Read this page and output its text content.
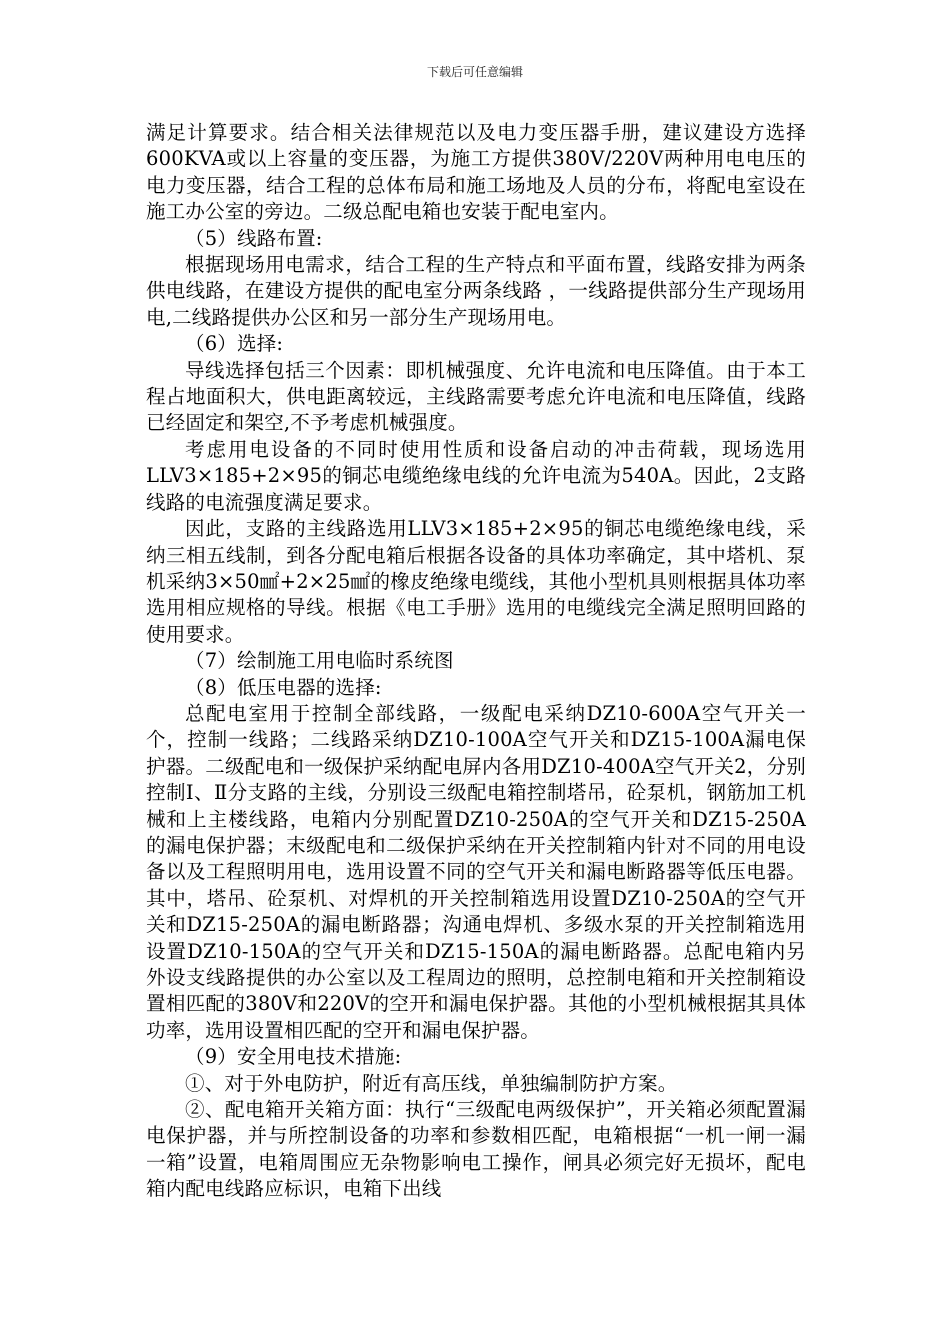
下载后可任意编辑

满足计算要求。结合相关法律规范以及电力变压器手册，建议建设方选择600KVA或以上容量的变压器，为施工方提供380V/220V两种用电电压的电力变压器，结合工程的总体布局和施工场地及人员的分布，将配电室设在施工办公室的旁边。二级总配电箱也安装于配电室内。

（5）线路布置:

根据现场用电需求，结合工程的生产特点和平面布置，线路安排为两条供电线路，在建设方提供的配电室分两条线路 ，一线路提供部分生产现场用电,二线路提供办公区和另一部分生产现场用电。

（6）选择:

导线选择包括三个因素：即机械强度、允许电流和电压降值。由于本工程占地面积大，供电距离较远，主线路需要考虑允许电流和电压降值，线路已经固定和架空,不予考虑机械强度。

考虑用电设备的不同时使用性质和设备启动的冲击荷载，现场选用LLV3×185+2×95的铜芯电缆绝缘电线的允许电流为540A。因此，2支路线路的电流强度满足要求。

因此，支路的主线路选用LLV3×185+2×95的铜芯电缆绝缘电线，采纳三相五线制，到各分配电箱后根据各设备的具体功率确定，其中塔机、泵机采纳3×50㎟+2×25㎟的橡皮绝缘电缆线，其他小型机具则根据具体功率选用相应规格的导线。根据《电工手册》选用的电缆线完全满足照明回路的使用要求。

（7）绘制施工用电临时系统图

（8）低压电器的选择:

总配电室用于控制全部线路，一级配电采纳DZ10-600A空气开关一个，控制一线路；二线路采纳DZ10-100A空气开关和DZ15-100A漏电保护器。二级配电和一级保护采纳配电屏内各用DZ10-400A空气开关2，分别控制Ⅰ、Ⅱ分支路的主线，分别设三级配电箱控制塔吊，砼泵机，钢筋加工机械和上主楼线路，电箱内分别配置DZ10-250A的空气开关和DZ15-250A的漏电保护器；末级配电和二级保护采纳在开关控制箱内针对不同的用电设备以及工程照明用电，选用设置不同的空气开关和漏电断路器等低压电器。其中，塔吊、砼泵机、对焊机的开关控制箱选用设置DZ10-250A的空气开关和DZ15-250A的漏电断路器；沟通电焊机、多级水泵的开关控制箱选用设置DZ10-150A的空气开关和DZ15-150A的漏电断路器。总配电箱内另外设支线路提供的办公室以及工程周边的照明，总控制电箱和开关控制箱设置相匹配的380V和220V的空开和漏电保护器。其他的小型机械根据其具体功率，选用设置相匹配的空开和漏电保护器。

（9）安全用电技术措施:

①、对于外电防护，附近有高压线，单独编制防护方案。

②、配电箱开关箱方面：执行“三级配电两级保护”，开关箱必须配置漏电保护器，并与所控制设备的功率和参数相匹配，电箱根据“一机一闸一漏一箱”设置，电箱周围应无杂物影响电工操作，闸具必须完好无损坏，配电箱内配电线路应标识，电箱下出线
